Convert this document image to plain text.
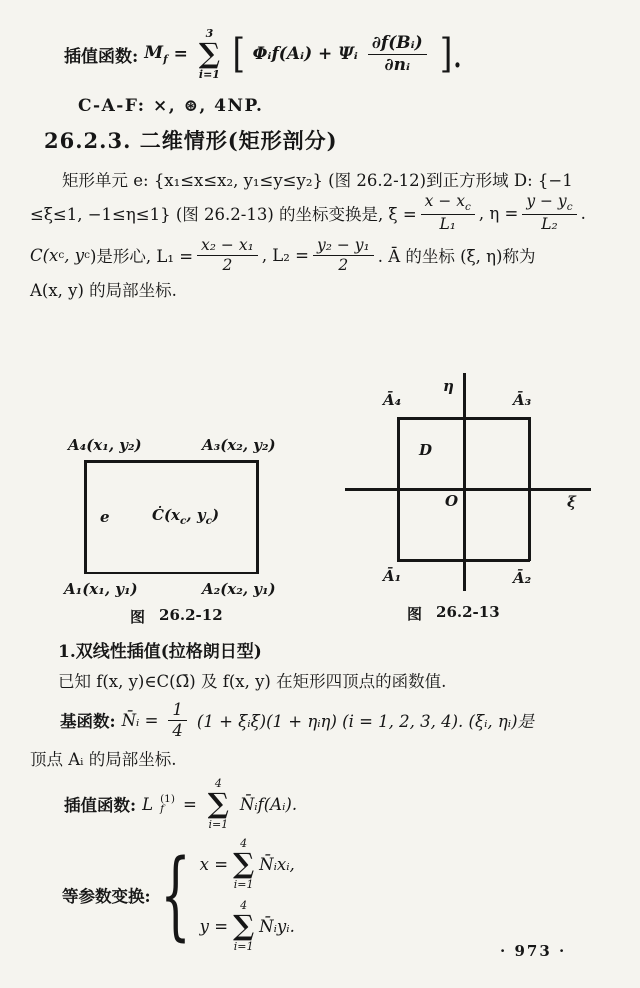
插值函数: $M_f$ =
3
∑
i=1 [ Φᵢf(Aᵢ) + Ψᵢ $\frac{\text{∂f(Bᵢ)}}{\text{∂nᵢ}}$ ].
C-A-F: ×, ⊛, 4NP.
26.2.3. 二维情形(矩形剖分)
矩形单元 e: {x₁≤x≤x₂, y₁≤y≤y₂} (图 26.2-12)到正方形域 D: {−1
≤ξ≤1, −1≤η≤1} (图 26.2-13) 的坐标变换是, $\xi = \frac{x - x_c}{\text{L₁}}$ , $\eta = \frac{y - y_c}{\text{L₂}}$ .
C(x c , y c )是形心, $L_1 = \frac{\text{x₂ − x₁}}{2}$ , $L_2 = \frac{\text{y₂ − y₁}}{2}$ . Ā 的坐标 (ξ, η)称为
A(x, y) 的局部坐标.
A₄(x₁, y₂)	A₃(x₂, y₂)
A₁(x₁, y₁)	A₂(x₂, y₁)
e	$Ċ(x_c$, $y_c$)
图 26.2-12
η
ξ
O
D
Ā₄	Ā₃
Ā₁	Ā₂
图 26.2-13
1.双线性插值(拉格朗日型)
已知 f(x, y)∈C(Ω̄) 及 f(x, y) 在矩形四顶点的函数值.
基函数: N̄ᵢ = $\frac{1}{4} (1$ + ξᵢξ)(1 + ηᵢη) (i = 1, 2, 3, 4). (ξᵢ, ηᵢ)是
顶点 Aᵢ 的局部坐标.
插值函数: L (1)
f =
4
∑
i=1
N̄ᵢf(Aᵢ).
等参数变换: { x =
4
∑
i=1
N̄ᵢxᵢ,
y =
4
∑
i=1
N̄ᵢyᵢ.
· 973 ·
